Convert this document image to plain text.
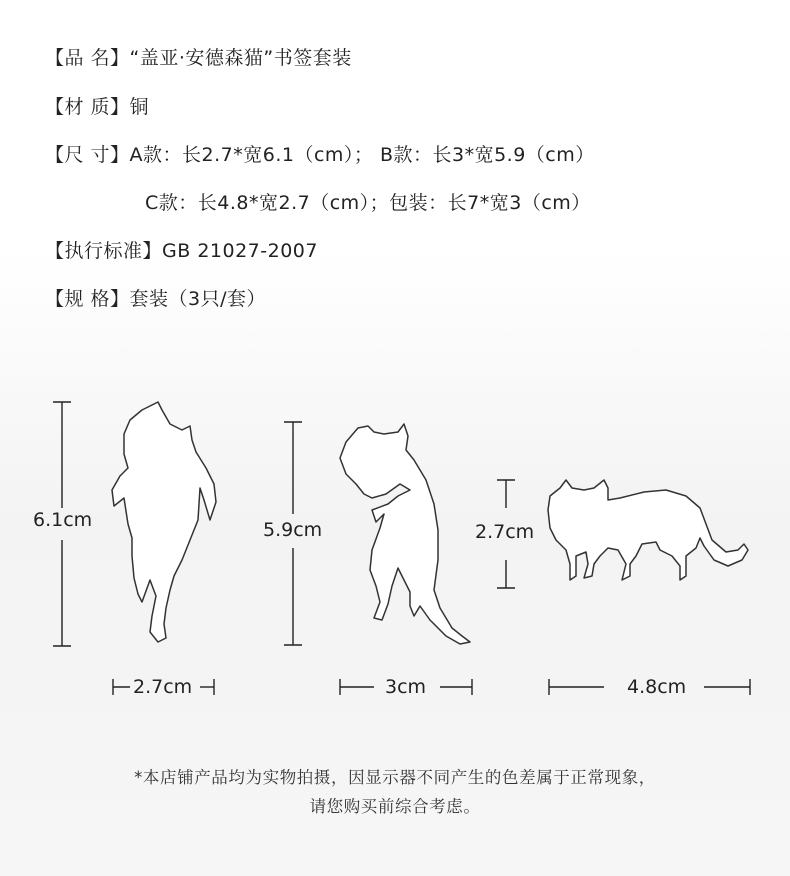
【品 名】“盖亚·安德森猫”书签套装
【材 质】铜
【尺 寸】A款：长2.7*宽6.1（cm）； B款：长3*宽5.9（cm）
C款：长4.8*宽2.7（cm）；包装：长7*宽3（cm）
【执行标准】GB 21027-2007
【规 格】套装（3只/套）
6.1cm
2.7cm
5.9cm
3cm
2.7cm
4.8cm
*本店铺产品均为实物拍摄，因显示器不同产生的色差属于正常现象，
请您购买前综合考虑。
